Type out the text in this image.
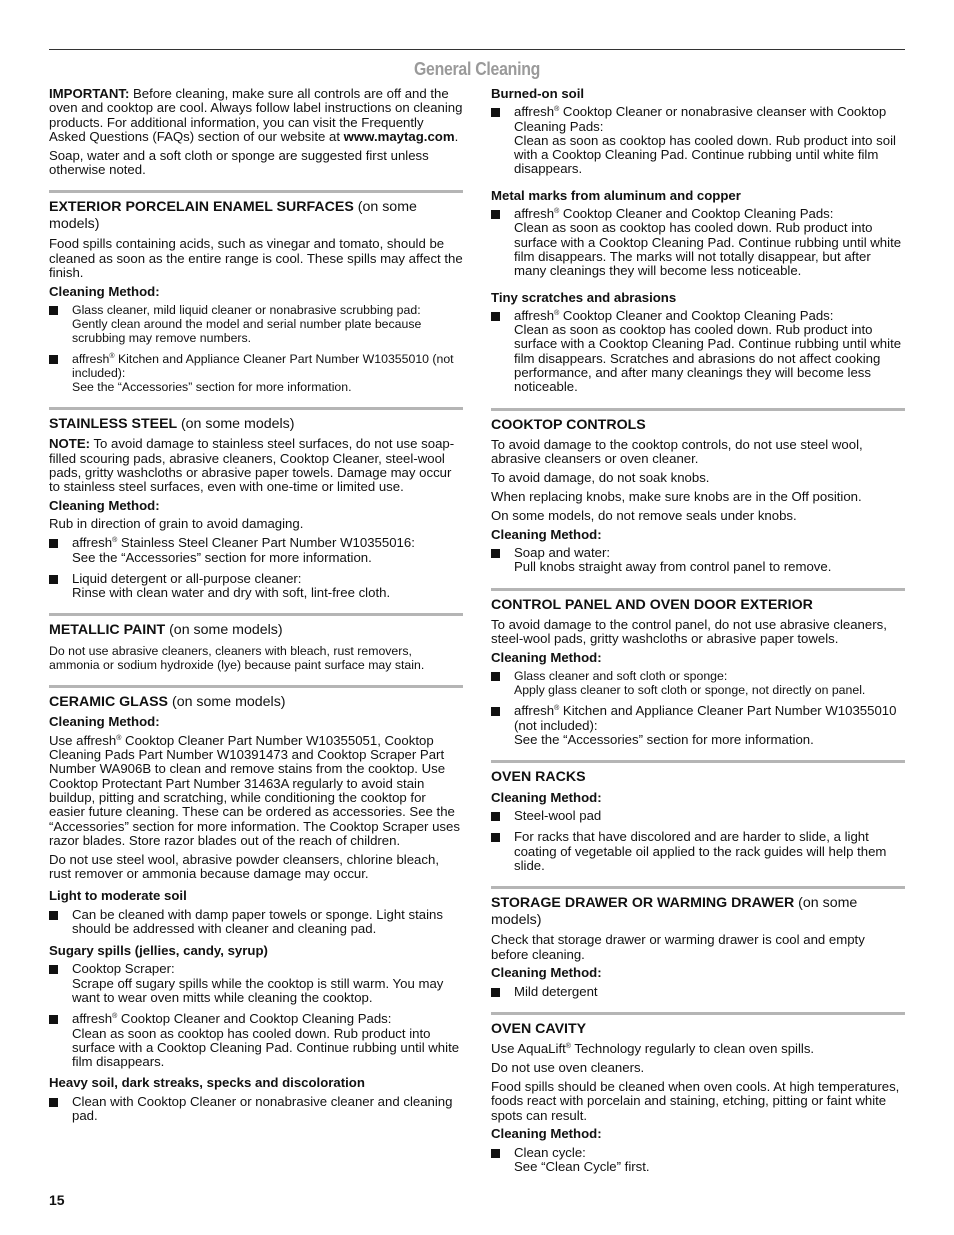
General Cleaning

IMPORTANT: Before cleaning, make sure all controls are off and the oven and cooktop are cool. Always follow label instructions on cleaning products. For additional information, you can visit the Frequently Asked Questions (FAQs) section of our website at www.maytag.com.

Soap, water and a soft cloth or sponge are suggested first unless otherwise noted.

EXTERIOR PORCELAIN ENAMEL SURFACES (on some models)

Food spills containing acids, such as vinegar and tomato, should be cleaned as soon as the entire range is cool. These spills may affect the finish.

Cleaning Method:

Glass cleaner, mild liquid cleaner or nonabrasive scrubbing pad:
Gently clean around the model and serial number plate because scrubbing may remove numbers.
affresh® Kitchen and Appliance Cleaner Part Number W10355010 (not included):
See the “Accessories” section for more information.
STAINLESS STEEL (on some models)

NOTE: To avoid damage to stainless steel surfaces, do not use soap-filled scouring pads, abrasive cleaners, Cooktop Cleaner, steel-wool pads, gritty washcloths or abrasive paper towels. Damage may occur to stainless steel surfaces, even with one-time or limited use.

Cleaning Method:

Rub in direction of grain to avoid damaging.

affresh® Stainless Steel Cleaner Part Number W10355016:
See the “Accessories” section for more information.
Liquid detergent or all-purpose cleaner:
Rinse with clean water and dry with soft, lint-free cloth.
METALLIC PAINT (on some models)

Do not use abrasive cleaners, cleaners with bleach, rust removers, ammonia or sodium hydroxide (lye) because paint surface may stain.

CERAMIC GLASS (on some models)

Cleaning Method:

Use affresh® Cooktop Cleaner Part Number W10355051, Cooktop Cleaning Pads Part Number W10391473 and Cooktop Scraper Part Number WA906B to clean and remove stains from the cooktop. Use Cooktop Protectant Part Number 31463A regularly to avoid stain buildup, pitting and scratching, while conditioning the cooktop for easier future cleaning. These can be ordered as accessories. See the “Accessories” section for more information. The Cooktop Scraper uses razor blades. Store razor blades out of the reach of children.

Do not use steel wool, abrasive powder cleansers, chlorine bleach, rust remover or ammonia because damage may occur.

Light to moderate soil

Can be cleaned with damp paper towels or sponge. Light stains should be addressed with cleaner and cleaning pad.

Sugary spills (jellies, candy, syrup)

Cooktop Scraper:
Scrape off sugary spills while the cooktop is still warm. You may want to wear oven mitts while cleaning the cooktop.
affresh® Cooktop Cleaner and Cooktop Cleaning Pads:
Clean as soon as cooktop has cooled down. Rub product into surface with a Cooktop Cleaning Pad. Continue rubbing until white film disappears.

Heavy soil, dark streaks, specks and discoloration

Clean with Cooktop Cleaner or nonabrasive cleaner and cleaning pad.

Burned-on soil

affresh® Cooktop Cleaner or nonabrasive cleanser with Cooktop Cleaning Pads:
Clean as soon as cooktop has cooled down. Rub product into soil with a Cooktop Cleaning Pad. Continue rubbing until white film disappears.

Metal marks from aluminum and copper

affresh® Cooktop Cleaner and Cooktop Cleaning Pads:
Clean as soon as cooktop has cooled down. Rub product into surface with a Cooktop Cleaning Pad. Continue rubbing until white film disappears. The marks will not totally disappear, but after many cleanings they will become less noticeable.

Tiny scratches and abrasions

affresh® Cooktop Cleaner and Cooktop Cleaning Pads:
Clean as soon as cooktop has cooled down. Rub product into surface with a Cooktop Cleaning Pad. Continue rubbing until white film disappears. Scratches and abrasions do not affect cooking performance, and after many cleanings they will become less noticeable.
COOKTOP CONTROLS

To avoid damage to the cooktop controls, do not use steel wool, abrasive cleansers or oven cleaner.

To avoid damage, do not soak knobs.

When replacing knobs, make sure knobs are in the Off position.

On some models, do not remove seals under knobs.

Cleaning Method:

Soap and water:
Pull knobs straight away from control panel to remove.
CONTROL PANEL AND OVEN DOOR EXTERIOR

To avoid damage to the control panel, do not use abrasive cleaners, steel-wool pads, gritty washcloths or abrasive paper towels.

Cleaning Method:

Glass cleaner and soft cloth or sponge:
Apply glass cleaner to soft cloth or sponge, not directly on panel.
affresh® Kitchen and Appliance Cleaner Part Number W10355010 (not included):
See the “Accessories” section for more information.
OVEN RACKS

Cleaning Method:

Steel-wool pad
For racks that have discolored and are harder to slide, a light coating of vegetable oil applied to the rack guides will help them slide.
STORAGE DRAWER OR WARMING DRAWER (on some models)

Check that storage drawer or warming drawer is cool and empty before cleaning.

Cleaning Method:

Mild detergent
OVEN CAVITY

Use AquaLift® Technology regularly to clean oven spills.

Do not use oven cleaners.

Food spills should be cleaned when oven cools. At high temperatures, foods react with porcelain and staining, etching, pitting or faint white spots can result.

Cleaning Method:

Clean cycle:
See “Clean Cycle” first.
15
